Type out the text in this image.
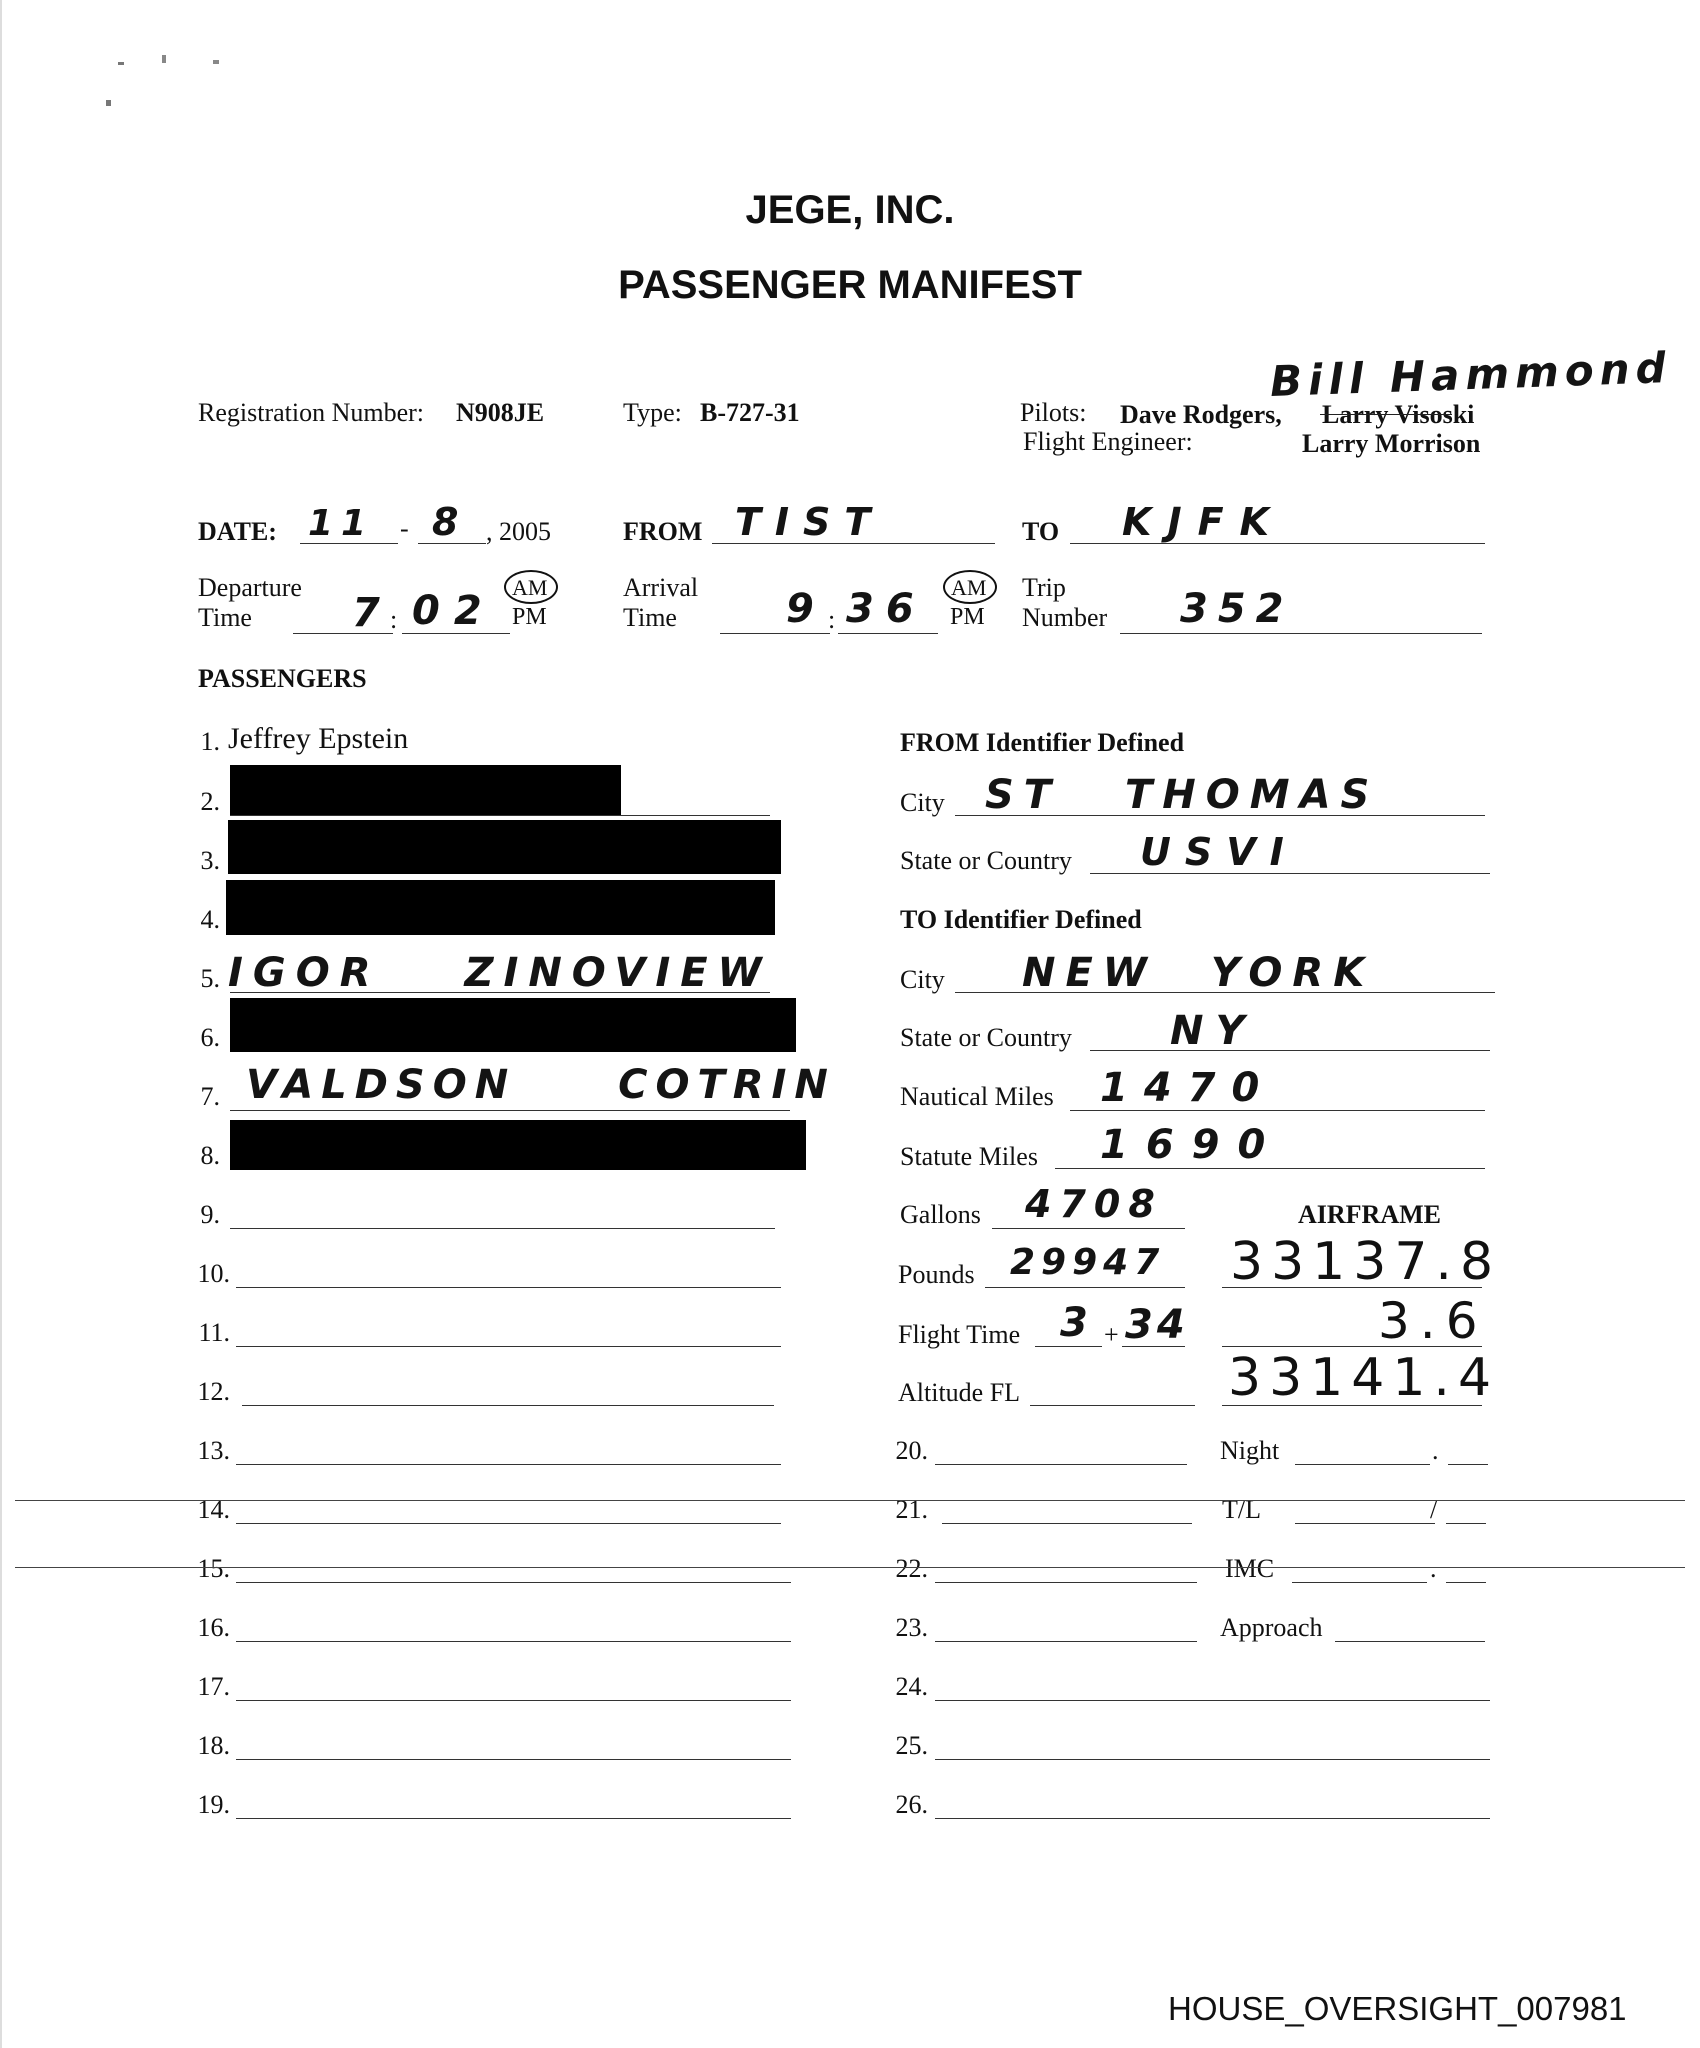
JEGE, INC.
PASSENGER MANIFEST
Registration Number: N908JE	Type: B-727-31	Pilots: Dave Rodgers, Larry Visoski
Bill Hammond
Flight Engineer:	Larry Morrison
DATE: 11 - 8 , 2005	FROM TIST	TO KJFK
Departure
Time	7 : 02
AM
PM
Arrival
Time	9 : 36 AM
PM
Trip
Number 352
PASSENGERS
1. Jeffrey Epstein
2.
3.
4.
5. IGOR ZINOVIEW
6.
7. VALDSON COTRIN
8.
9.
10.
11.
12.
13.
14.
15.
16.
17.
18.
19.
FROM Identifier Defined
City ST THOMAS
State or Country USVI
TO Identifier Defined
City NEW YORK
State or Country NY
Nautical Miles 1470
Statute Miles 1690
Gallons 4708	AIRFRAME
Pounds 29947 33137.8
Flight Time 3 + 34	3.6
Altitude FL	33141.4
20.	Night	.
21.	T/L	/
22.	IMC	.
23.	Approach
24.
25.
26.
HOUSE_OVERSIGHT_007981
